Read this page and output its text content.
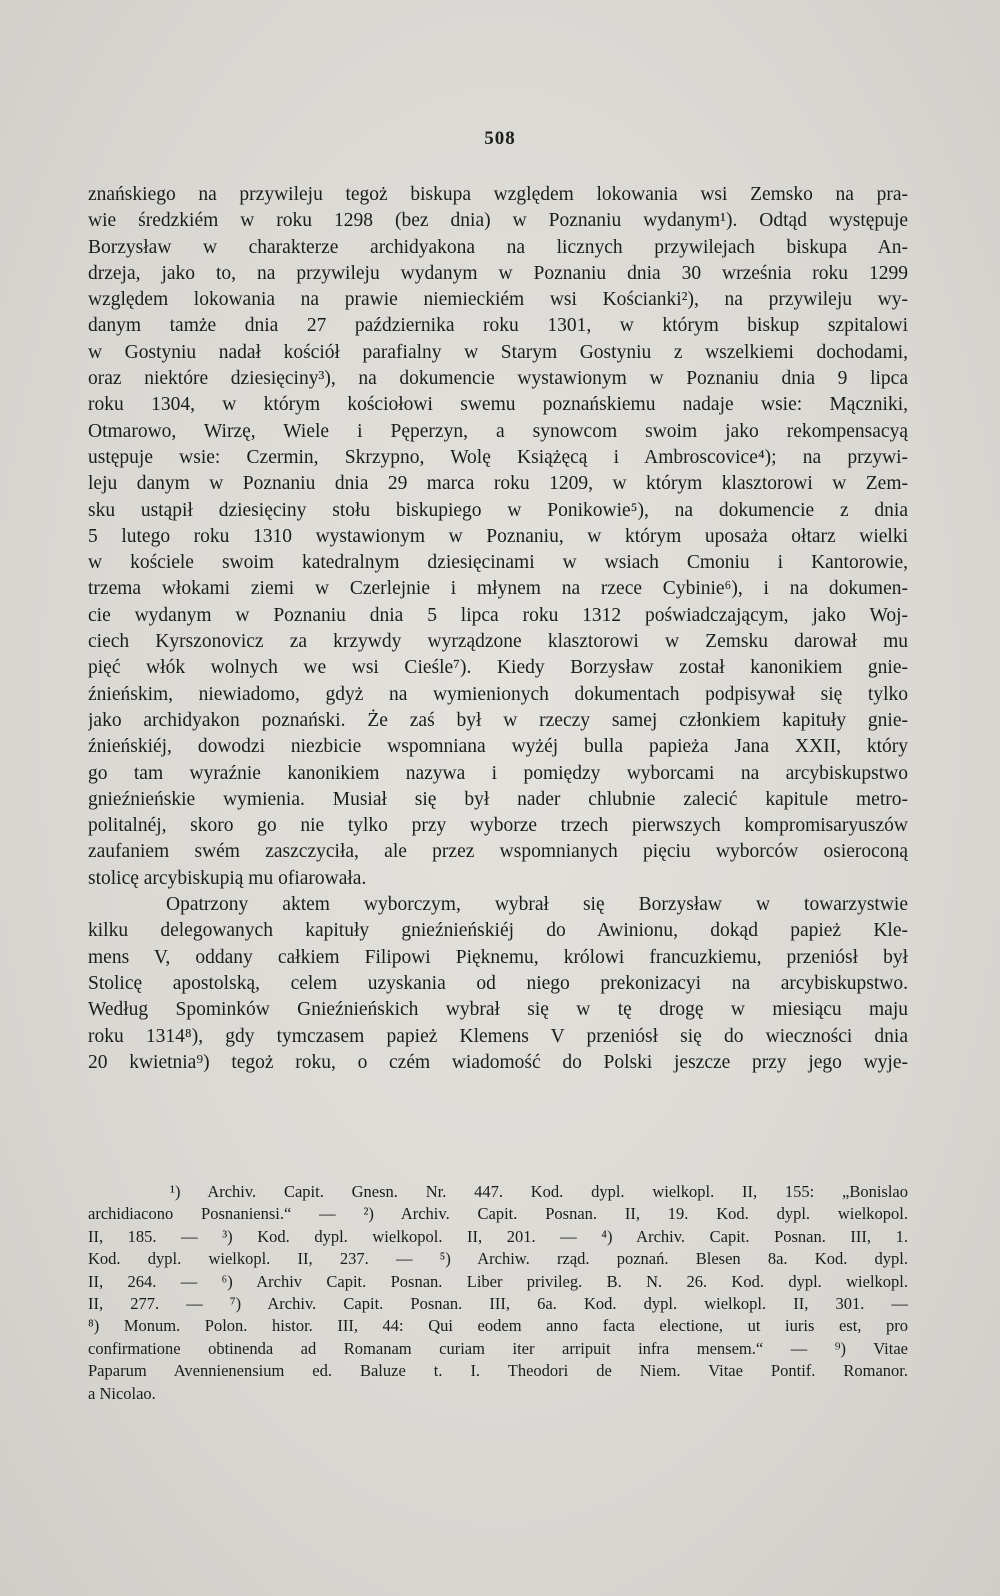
508
znańskiego na przywileju tegoż biskupa względem lokowania wsi Zemsko na pra-
wie średzkiém w roku 1298 (bez dnia) w Poznaniu wydanym¹). Odtąd występuje
Borzysław w charakterze archidyakona na licznych przywilejach biskupa An-
drzeja, jako to, na przywileju wydanym w Poznaniu dnia 30 września roku 1299
względem lokowania na prawie niemieckiém wsi Kościanki²), na przywileju wy-
danym tamże dnia 27 października roku 1301, w którym biskup szpitalowi
w Gostyniu nadał kościół parafialny w Starym Gostyniu z wszelkiemi dochodami,
oraz niektóre dziesięciny³), na dokumencie wystawionym w Poznaniu dnia 9 lipca
roku 1304, w którym kościołowi swemu poznańskiemu nadaje wsie: Mączniki,
Otmarowo, Wirzę, Wiele i Pęperzyn, a synowcom swoim jako rekompensacyą
ustępuje wsie: Czermin, Skrzypno, Wolę Książęcą i Ambroscovice⁴); na przywi-
leju danym w Poznaniu dnia 29 marca roku 1209, w którym klasztorowi w Zem-
sku ustąpił dziesięciny stołu biskupiego w Ponikowie⁵), na dokumencie z dnia
5 lutego roku 1310 wystawionym w Poznaniu, w którym uposaża ołtarz wielki
w kościele swoim katedralnym dziesięcinami w wsiach Cmoniu i Kantorowie,
trzema włokami ziemi w Czerlejnie i młynem na rzece Cybinie⁶), i na dokumen-
cie wydanym w Poznaniu dnia 5 lipca roku 1312 poświadczającym, jako Woj-
ciech Kyrszonovicz za krzywdy wyrządzone klasztorowi w Zemsku darował mu
pięć włók wolnych we wsi Cieśle⁷). Kiedy Borzysław został kanonikiem gnie-
źnieńskim, niewiadomo, gdyż na wymienionych dokumentach podpisywał się tylko
jako archidyakon poznański. Że zaś był w rzeczy samej członkiem kapituły gnie-
źnieńskiéj, dowodzi niezbicie wspomniana wyżéj bulla papieża Jana XXII, który
go tam wyraźnie kanonikiem nazywa i pomiędzy wyborcami na arcybiskupstwo
gnieźnieńskie wymienia. Musiał się był nader chlubnie zalecić kapitule metro-
politalnéj, skoro go nie tylko przy wyborze trzech pierwszych kompromisaryuszów
zaufaniem swém zaszczyciła, ale przez wspomnianych pięciu wyborców osieroconą
stolicę arcybiskupią mu ofiarowała.
Opatrzony aktem wyborczym, wybrał się Borzysław w towarzystwie
kilku delegowanych kapituły gnieźnieńskiéj do Awinionu, dokąd papież Kle-
mens V, oddany całkiem Filipowi Pięknemu, królowi francuzkiemu, przeniósł był
Stolicę apostolską, celem uzyskania od niego prekonizacyi na arcybiskupstwo.
Według Spominków Gnieźnieńskich wybrał się w tę drogę w miesiącu maju
roku 1314⁸), gdy tymczasem papież Klemens V przeniósł się do wieczności dnia
20 kwietnia⁹) tegoż roku, o czém wiadomość do Polski jeszcze przy jego wyje-
¹) Archiv. Capit. Gnesn. Nr. 447. Kod. dypl. wielkopl. II, 155: „Bonislao
archidiacono Posnaniensi.“ — ²) Archiv. Capit. Posnan. II, 19. Kod. dypl. wielkopol.
II, 185. — ³) Kod. dypl. wielkopol. II, 201. — ⁴) Archiv. Capit. Posnan. III, 1.
Kod. dypl. wielkopl. II, 237. — ⁵) Archiw. rząd. poznań. Blesen 8a. Kod. dypl.
II, 264. — ⁶) Archiv Capit. Posnan. Liber privileg. B. N. 26. Kod. dypl. wielkopl.
II, 277. — ⁷) Archiv. Capit. Posnan. III, 6a. Kod. dypl. wielkopl. II, 301. —
⁸) Monum. Polon. histor. III, 44: Qui eodem anno facta electione, ut iuris est, pro
confirmatione obtinenda ad Romanam curiam iter arripuit infra mensem.“ — ⁹) Vitae
Paparum Avennienensium ed. Baluze t. I. Theodori de Niem. Vitae Pontif. Romanor.
a Nicolao.
